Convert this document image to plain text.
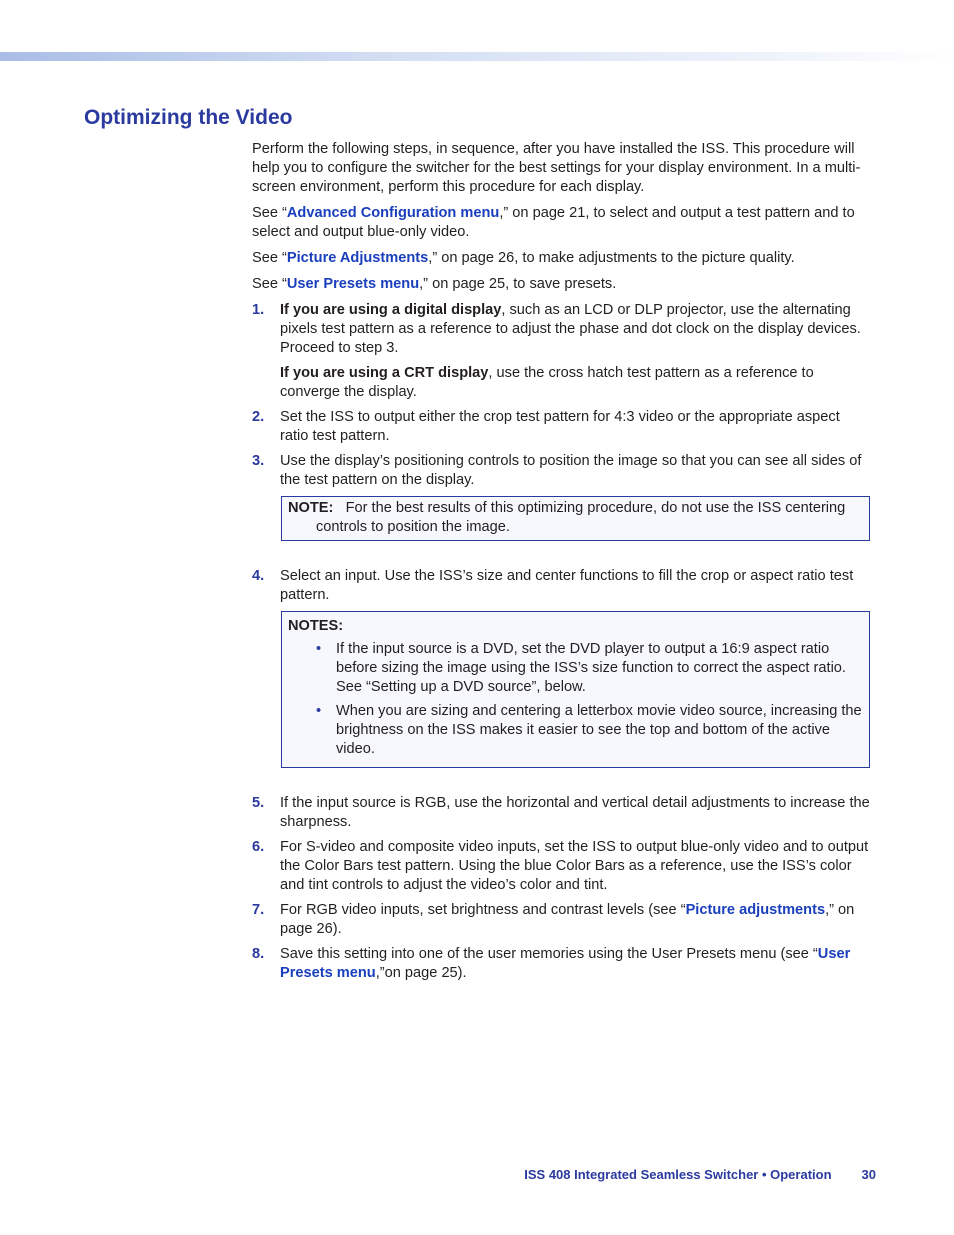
Optimizing the Video

Perform the following steps, in sequence, after you have installed the ISS. This procedure will help you to configure the switcher for the best settings for your display environment. In a multi-screen environment, perform this procedure for each display.

See “Advanced Configuration menu,” on page 21, to select and output a test pattern and to select and output blue-only video.

See “Picture Adjustments,” on page 26, to make adjustments to the picture quality.

See “User Presets menu,” on page 25, to save presets.

1. If you are using a digital display, such as an LCD or DLP projector, use the alternating pixels test pattern as a reference to adjust the phase and dot clock on the display devices. Proceed to step 3.
If you are using a CRT display, use the cross hatch test pattern as a reference to converge the display.
2. Set the ISS to output either the crop test pattern for 4:3 video or the appropriate aspect ratio test pattern.
3. Use the display’s positioning controls to position the image so that you can see all sides of the test pattern on the display.
NOTE: For the best results of this optimizing procedure, do not use the ISS centering controls to position the image.
4. Select an input. Use the ISS’s size and center functions to fill the crop or aspect ratio test pattern.
NOTES:
• If the input source is a DVD, set the DVD player to output a 16:9 aspect ratio before sizing the image using the ISS’s size function to correct the aspect ratio. See “Setting up a DVD source”, below.
• When you are sizing and centering a letterbox movie video source, increasing the brightness on the ISS makes it easier to see the top and bottom of the active video.
5. If the input source is RGB, use the horizontal and vertical detail adjustments to increase the sharpness.
6. For S-video and composite video inputs, set the ISS to output blue-only video and to output the Color Bars test pattern. Using the blue Color Bars as a reference, use the ISS’s color and tint controls to adjust the video’s color and tint.
7. For RGB video inputs, set brightness and contrast levels (see “Picture adjustments,” on page 26).
8. Save this setting into one of the user memories using the User Presets menu (see “User Presets menu,”on page 25).
ISS 408 Integrated Seamless Switcher • Operation 30
